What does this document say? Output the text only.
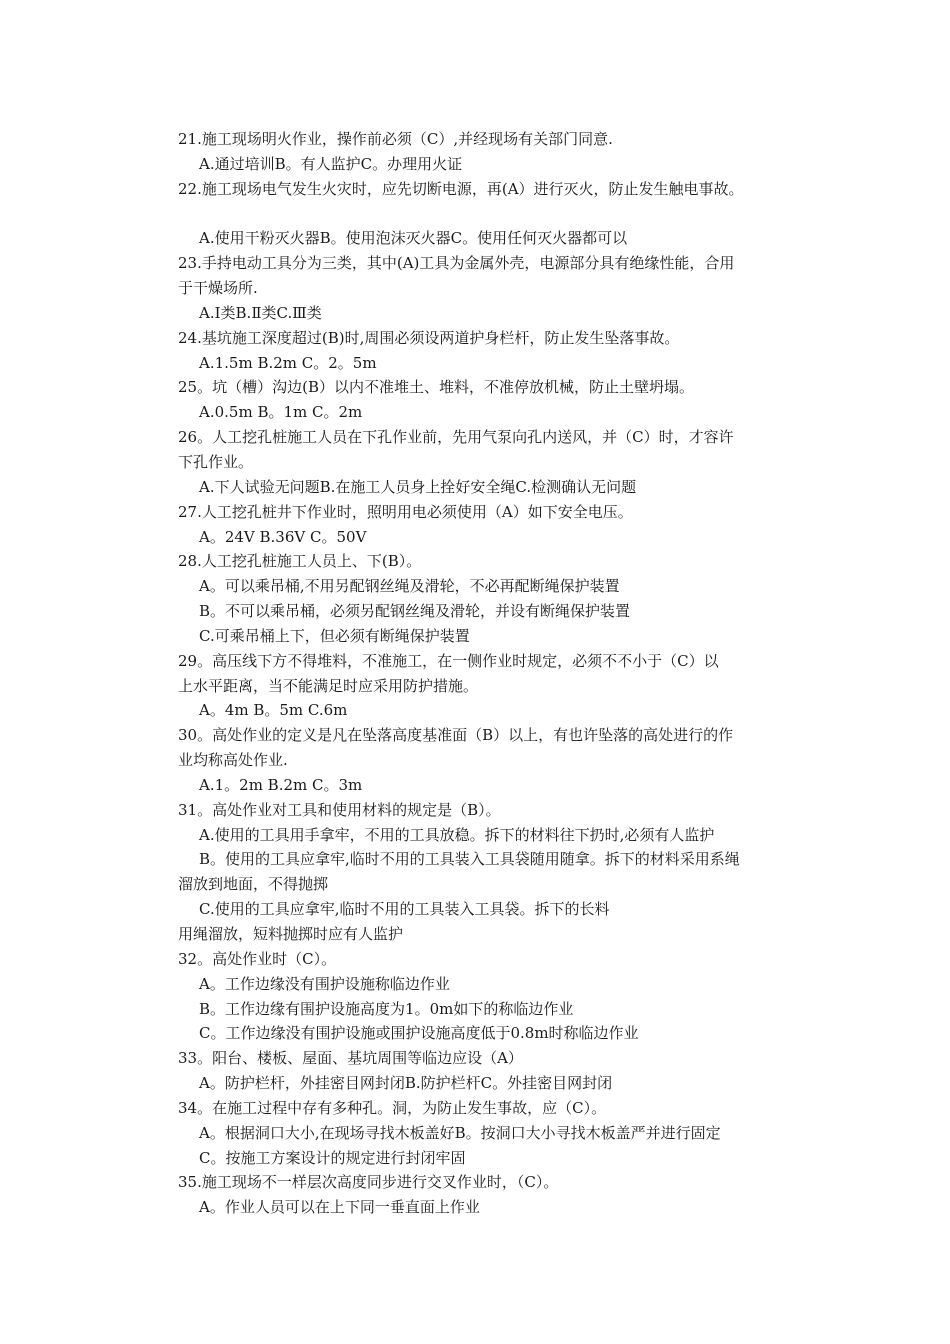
21.施工现场明火作业，操作前必须（C）,并经现场有关部门同意.
A.通过培训B。有人监护C。办理用火证
22.施工现场电气发生火灾时，应先切断电源，再(A）进行灭火，防止发生触电事故。
A.使用干粉灭火器B。使用泡沫灭火器C。使用任何灭火器都可以
23.手持电动工具分为三类，其中(A)工具为金属外壳，电源部分具有绝缘性能，合用
于干燥场所.
A.Ⅰ类B.Ⅱ类C.Ⅲ类
24.基坑施工深度超过(B)时,周围必须设两道护身栏杆，防止发生坠落事故。
A.1.5m B.2m C。2。5m
25。坑（槽）沟边(B）以内不准堆土、堆料，不准停放机械，防止土壁坍塌。
A.0.5m B。1m C。2m
26。人工挖孔桩施工人员在下孔作业前，先用气泵向孔内送风，并（C）时，才容许
下孔作业。
A.下人试验无问题B.在施工人员身上拴好安全绳C.检测确认无问题
27.人工挖孔桩井下作业时，照明用电必须使用（A）如下安全电压。
A。24V B.36V C。50V
28.人工挖孔桩施工人员上、下(B）。
A。可以乘吊桶,不用另配钢丝绳及滑轮，不必再配断绳保护装置
B。不可以乘吊桶，必须另配钢丝绳及滑轮，并设有断绳保护装置
C.可乘吊桶上下，但必须有断绳保护装置
29。高压线下方不得堆料，不准施工，在一侧作业时规定，必须不不小于（C）以
上水平距离，当不能满足时应采用防护措施。
A。4m B。5m C.6m
30。高处作业的定义是凡在坠落高度基准面（B）以上，有也许坠落的高处进行的作
业均称高处作业.
A.1。2m B.2m C。3m
31。高处作业对工具和使用材料的规定是（B）。
A.使用的工具用手拿牢，不用的工具放稳。拆下的材料往下扔时,必须有人监护
B。使用的工具应拿牢,临时不用的工具装入工具袋随用随拿。拆下的材料采用系绳
溜放到地面，不得抛掷
C.使用的工具应拿牢,临时不用的工具装入工具袋。拆下的长料
用绳溜放，短料抛掷时应有人监护
32。高处作业时（C）。
A。工作边缘没有围护设施称临边作业
B。工作边缘有围护设施高度为1。0m如下的称临边作业
C。工作边缘没有围护设施或围护设施高度低于0.8m时称临边作业
33。阳台、楼板、屋面、基坑周围等临边应设（A）
A。防护栏杆，外挂密目网封闭B.防护栏杆C。外挂密目网封闭
34。在施工过程中存有多种孔。洞，为防止发生事故，应（C）。
A。根据洞口大小,在现场寻找木板盖好B。按洞口大小寻找木板盖严并进行固定
C。按施工方案设计的规定进行封闭牢固
35.施工现场不一样层次高度同步进行交叉作业时，（C）。
A。作业人员可以在上下同一垂直面上作业
